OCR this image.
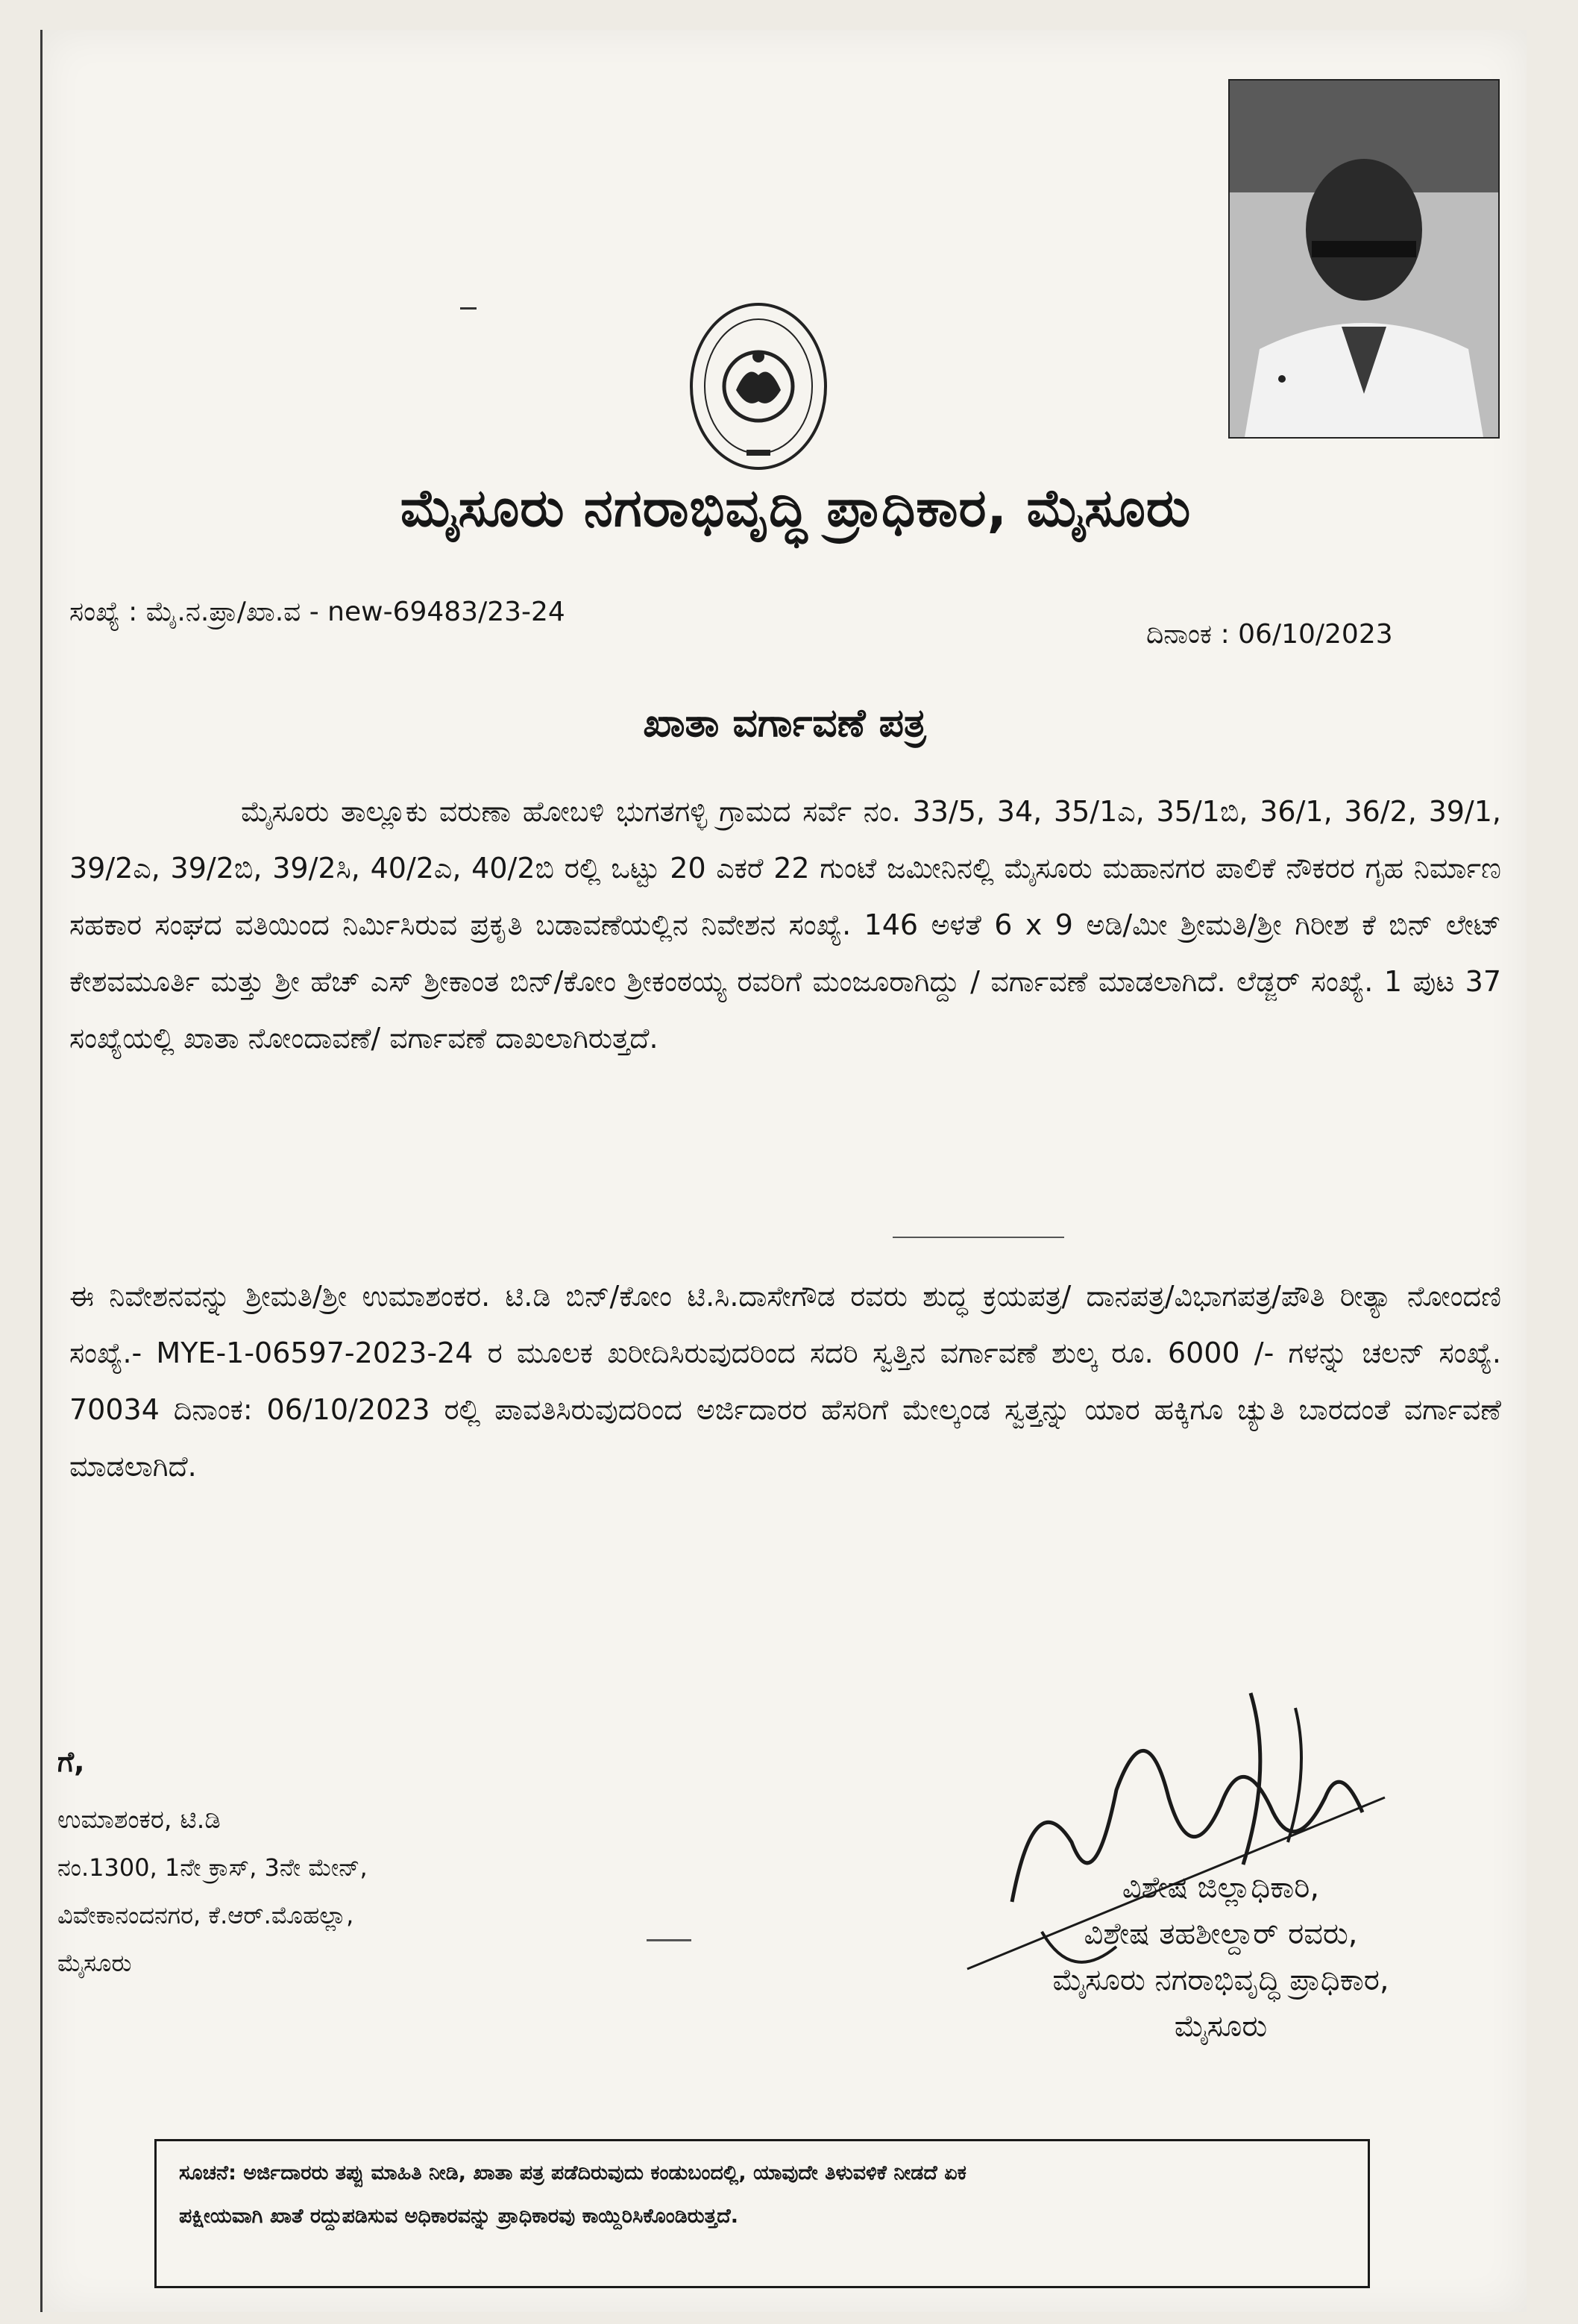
ಮೈಸೂರು ನಗರಾಭಿವೃದ್ಧಿ ಪ್ರಾಧಿಕಾರ, ಮೈಸೂರು
ಸಂಖ್ಯೆ : ಮೈ.ನ.ಪ್ರಾ/ಖಾ.ವ - new-69483/23-24
ದಿನಾಂಕ : 06/10/2023
ಖಾತಾ ವರ್ಗಾವಣೆ ಪತ್ರ
ಮೈಸೂರು ತಾಲ್ಲೂಕು ವರುಣಾ ಹೋಬಳಿ ಭುಗತಗಳ್ಳಿ ಗ್ರಾಮದ ಸರ್ವೆ ನಂ. 33/5, 34, 35/1ಎ, 35/1ಬಿ, 36/1, 36/2, 39/1, 39/2ಎ, 39/2ಬಿ, 39/2ಸಿ, 40/2ಎ, 40/2ಬಿ ರಲ್ಲಿ ಒಟ್ಟು 20 ಎಕರೆ 22 ಗುಂಟೆ ಜಮೀನಿನಲ್ಲಿ ಮೈಸೂರು ಮಹಾನಗರ ಪಾಲಿಕೆ ನೌಕರರ ಗೃಹ ನಿರ್ಮಾಣ ಸಹಕಾರ ಸಂಘದ ವತಿಯಿಂದ ನಿರ್ಮಿಸಿರುವ ಪ್ರಕೃತಿ ಬಡಾವಣೆಯಲ್ಲಿನ ನಿವೇಶನ ಸಂಖ್ಯೆ. 146 ಅಳತೆ 6 x 9 ಅಡಿ/ಮೀ ಶ್ರೀಮತಿ/ಶ್ರೀ ಗಿರೀಶ ಕೆ ಬಿನ್ ಲೇಟ್ ಕೇಶವಮೂರ್ತಿ ಮತ್ತು ಶ್ರೀ ಹೆಚ್ ಎಸ್ ಶ್ರೀಕಾಂತ ಬಿನ್/ಕೋಂ ಶ್ರೀಕಂಠಯ್ಯ ರವರಿಗೆ ಮಂಜೂರಾಗಿದ್ದು / ವರ್ಗಾವಣೆ ಮಾಡಲಾಗಿದೆ. ಲೆಡ್ಜರ್ ಸಂಖ್ಯೆ. 1 ಪುಟ 37 ಸಂಖ್ಯೆಯಲ್ಲಿ ಖಾತಾ ನೋಂದಾವಣೆ/ ವರ್ಗಾವಣೆ ದಾಖಲಾಗಿರುತ್ತದೆ.
ಈ ನಿವೇಶನವನ್ನು ಶ್ರೀಮತಿ/ಶ್ರೀ ಉಮಾಶಂಕರ. ಟಿ.ಡಿ ಬಿನ್/ಕೋಂ ಟಿ.ಸಿ.ದಾಸೇಗೌಡ ರವರು ಶುದ್ಧ ಕ್ರಯಪತ್ರ/ ದಾನಪತ್ರ/ವಿಭಾಗಪತ್ರ/ಪೌತಿ ರೀತ್ಯಾ ನೋಂದಣಿ ಸಂಖ್ಯೆ.- MYE-1-06597-2023-24 ರ ಮೂಲಕ ಖರೀದಿಸಿರುವುದರಿಂದ ಸದರಿ ಸ್ವತ್ತಿನ ವರ್ಗಾವಣೆ ಶುಲ್ಕ ರೂ. 6000 /- ಗಳನ್ನು ಚಲನ್ ಸಂಖ್ಯೆ. 70034 ದಿನಾಂಕ: 06/10/2023 ರಲ್ಲಿ ಪಾವತಿಸಿರುವುದರಿಂದ ಅರ್ಜಿದಾರರ ಹೆಸರಿಗೆ ಮೇಲ್ಕಂಡ ಸ್ವತ್ತನ್ನು ಯಾರ ಹಕ್ಕಿಗೂ ಚ್ಯುತಿ ಬಾರದಂತೆ ವರ್ಗಾವಣೆ ಮಾಡಲಾಗಿದೆ.
ಗೆ,
ಉಮಾಶಂಕರ, ಟಿ.ಡಿ
ನಂ.1300, 1ನೇ ಕ್ರಾಸ್, 3ನೇ ಮೇನ್,
ವಿವೇಕಾನಂದನಗರ, ಕೆ.ಆರ್.ಮೊಹಲ್ಲಾ,
ಮೈಸೂರು
ವಿಶೇಷ ಜಿಲ್ಲಾಧಿಕಾರಿ,
ವಿಶೇಷ ತಹಶೀಲ್ದಾರ್ ರವರು,
ಮೈಸೂರು ನಗರಾಭಿವೃದ್ಧಿ ಪ್ರಾಧಿಕಾರ,
ಮೈಸೂರು
ಸೂಚನೆ: ಅರ್ಜಿದಾರರು ತಪ್ಪು ಮಾಹಿತಿ ನೀಡಿ, ಖಾತಾ ಪತ್ರ ಪಡೆದಿರುವುದು ಕಂಡುಬಂದಲ್ಲಿ, ಯಾವುದೇ ತಿಳುವಳಿಕೆ ನೀಡದೆ ಏಕ
ಪಕ್ಷೀಯವಾಗಿ ಖಾತೆ ರದ್ದುಪಡಿಸುವ ಅಧಿಕಾರವನ್ನು ಪ್ರಾಧಿಕಾರವು ಕಾಯ್ದಿರಿಸಿಕೊಂಡಿರುತ್ತದೆ.
